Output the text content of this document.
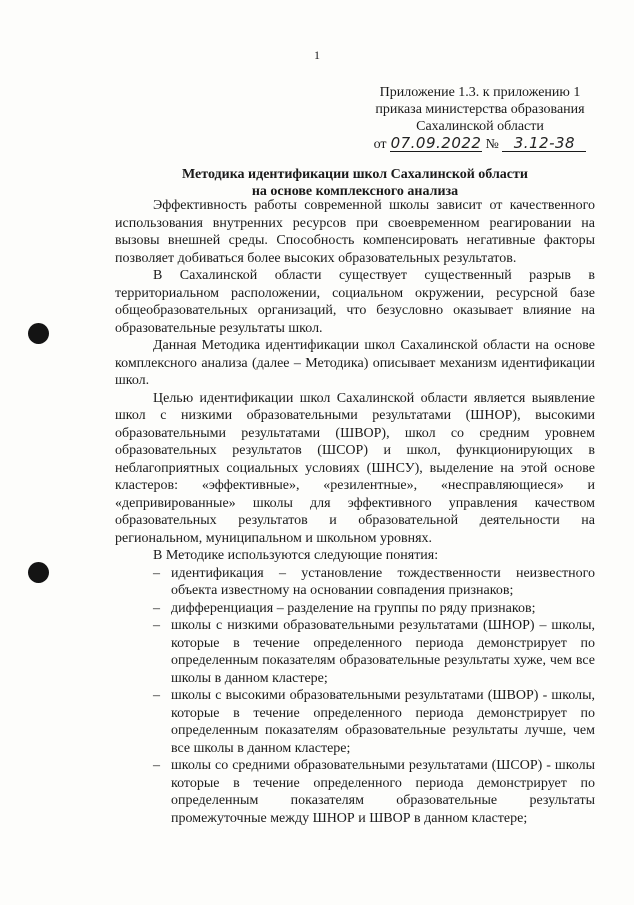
1
Приложение 1.3. к приложению 1
приказа министерства образования
Сахалинской области
от 07.09.2022 № 3.12-38
Методика идентификации школ Сахалинской области
на основе комплексного анализа

Эффективность работы современной школы зависит от качественного использования внутренних ресурсов при своевременном реагировании на вызовы внешней среды. Способность компенсировать негативные факторы позволяет добиваться более высоких образовательных результатов.

В Сахалинской области существует существенный разрыв в территориальном расположении, социальном окружении, ресурсной базе общеобразовательных организаций, что безусловно оказывает влияние на образовательные результаты школ.

Данная Методика идентификации школ Сахалинской области на основе комплексного анализа (далее – Методика) описывает механизм идентификации школ.

Целью идентификации школ Сахалинской области является выявление школ с низкими образовательными результатами (ШНОР), высокими образовательными результатами (ШВОР), школ со средним уровнем образовательных результатов (ШСОР) и школ, функционирующих в неблагоприятных социальных условиях (ШНСУ), выделение на этой основе кластеров: «эффективные», «резилентные», «несправляющиеся» и «депривированные» школы для эффективного управления качеством образовательных результатов и образовательной деятельности на региональном, муниципальном и школьном уровнях.

В Методике используются следующие понятия:

– идентификация – установление тождественности неизвестного объекта известному на основании совпадения признаков;
– дифференциация – разделение на группы по ряду признаков;
– школы с низкими образовательными результатами (ШНОР) – школы, которые в течение определенного периода демонстрирует по определенным показателям образовательные результаты хуже, чем все школы в данном кластере;
– школы с высокими образовательными результатами (ШВОР) - школы, которые в течение определенного периода демонстрирует по определенным показателям образовательные результаты лучше, чем все школы в данном кластере;
– школы со средними образовательными результатами (ШСОР) - школы которые в течение определенного периода демонстрирует по определенным показателям образовательные результаты промежуточные между ШНОР и ШВОР в данном кластере;
